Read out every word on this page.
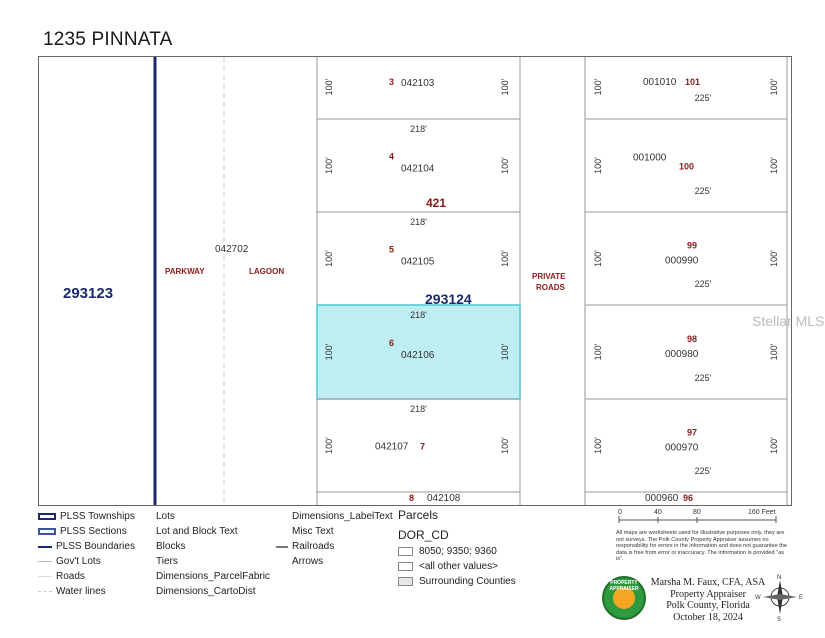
1235 PINNATA
100'	100'
3 042103
218'
100'	100'
4
042104
218'
100'	100'
5
042105
218'
100'	100'
6
042106
218'
100'	100'
042107 7
8 042108
100'	100'
225'
001010 101
100'	100'
225'
001000
100
100'	100'
225'
99
000990
100'	100'
225'
98
000980
100'	100'
225'
97
000970
000960 96
293123	293124
421
042702
PARKWAY	LAGOON
PRIVATE
ROADS
Stellar MLS
PLSS Townships
PLSS Sections
PLSS Boundaries
Gov't Lots
Roads
Water lines
Lots
Lot and Block Text
Blocks
Tiers
Dimensions_ParcelFabric
Dimensions_CartoDist
Dimensions_LabelText
Misc Text
Railroads
Arrows
Parcels
DOR_CD
8050; 9350; 9360
<all other values>
Surrounding Counties
0	40	80	160 Feet
All maps are worksheets used for illustrative purposes only, they are not surveys. The Polk County Property Appraiser assumes no responsibility for errors in the information and does not guarantee the data is free from error or inaccuracy. The information is provided "as is".
PROPERTY APPRAISER
Marsha M. Faux, CFA, ASA
Property Appraiser
Polk County, Florida
October 18, 2024
N
S
E
W
